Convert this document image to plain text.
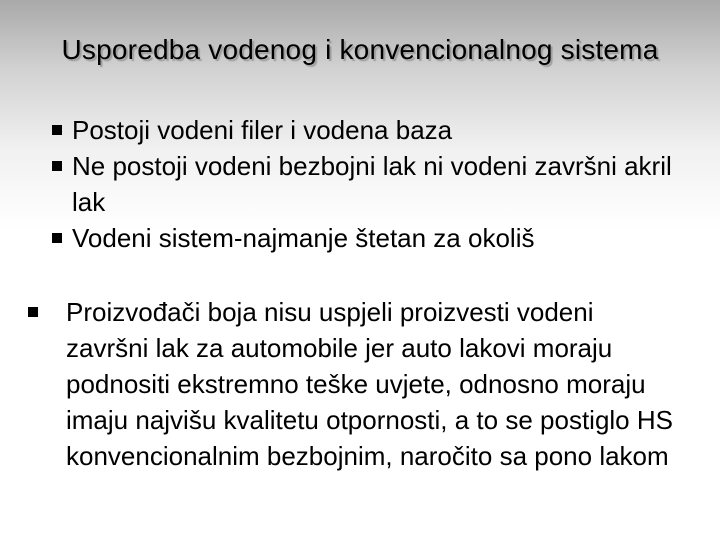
Usporedba vodenog i konvencionalnog sistema
Postoji vodeni filer i vodena baza
Ne postoji vodeni bezbojni lak ni vodeni završni akril lak
Vodeni sistem-najmanje štetan za okoliš
Proizvođači boja nisu uspjeli proizvesti vodeni završni lak za automobile jer auto lakovi moraju podnositi ekstremno teške uvjete, odnosno moraju imaju najvišu kvalitetu otpornosti, a to se postiglo HS konvencionalnim bezbojnim, naročito sa pono lakom
